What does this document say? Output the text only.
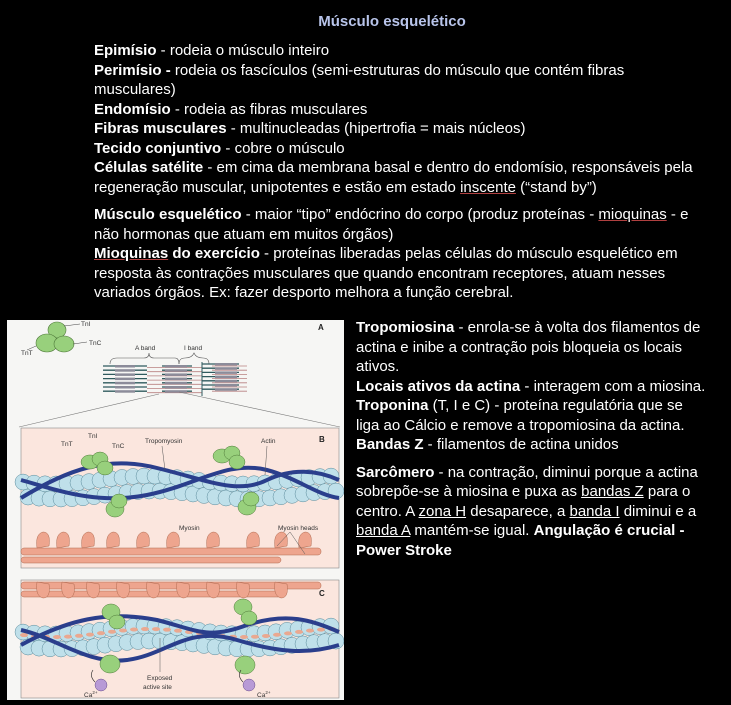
Músculo esquelético

Epimísio - rodeia o músculo inteiro

Perimísio - rodeia os fascículos (semi-estruturas do músculo que contém fibras musculares)

Endomísio - rodeia as fibras musculares

Fibras musculares - multinucleadas (hipertrofia = mais núcleos)

Tecido conjuntivo - cobre o músculo

Células satélite - em cima da membrana basal e dentro do endomísio, responsáveis pela regeneração muscular, unipotentes e estão em estado inscente (“stand by”)

Músculo esquelético - maior “tipo” endócrino do corpo (produz proteínas - mioquinas - e não hormonas que atuam em muitos órgãos)

Mioquinas do exercício - proteínas liberadas pelas células do músculo esquelético em resposta às contrações musculares que quando encontram receptores, atuam nesses variados órgãos. Ex: fazer desporto melhora a função cerebral.

Tropomiosina - enrola-se à volta dos filamentos de actina e inibe a contração pois bloqueia os locais ativos.

Locais ativos da actina - interagem com a miosina.

Troponina (T, I e C) - proteína regulatória que se liga ao Cálcio e remove a tropomiosina da actina.

Bandas Z - filamentos de actina unidos

Sarcômero - na contração, diminui porque a actina sobrepõe-se à miosina e puxa as bandas Z para o centro. A zona H desaparece, a banda I diminui e a banda A mantém-se igual. Angulação é crucial - Power Stroke

A
TnI
TnC
TnT
A band	I band
B
TnT
TnI
TnC
Tropomyosin	Actin
Myosin	Myosin heads
C
$Ca^{2+}$	$Ca^{2+}$
Exposed
active site
